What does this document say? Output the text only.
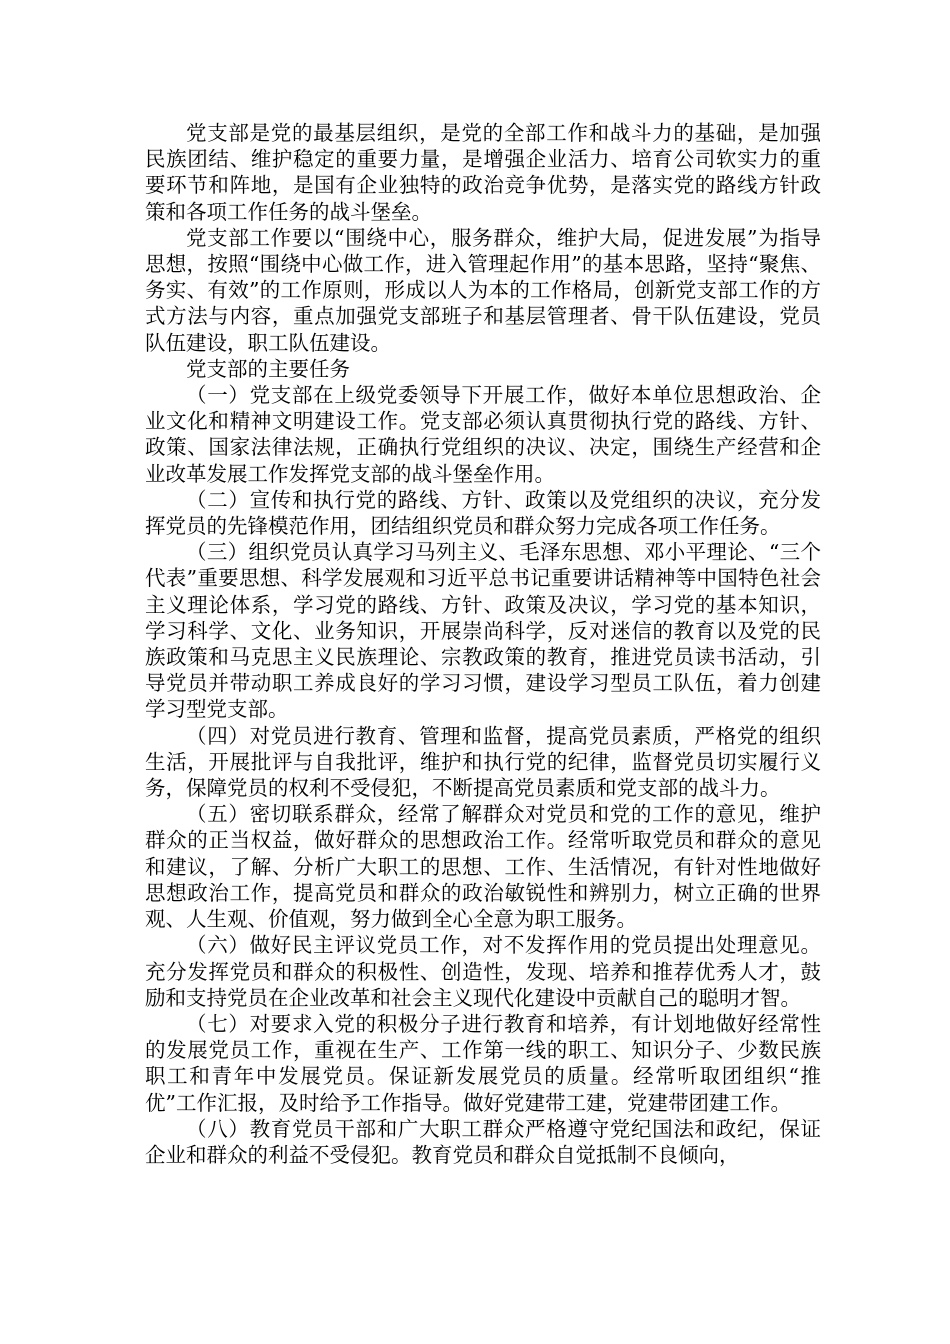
党支部是党的最基层组织，是党的全部工作和战斗力的基础，是加强民族团结、维护稳定的重要力量，是增强企业活力、培育公司软实力的重要环节和阵地，是国有企业独特的政治竞争优势，是落实党的路线方针政策和各项工作任务的战斗堡垒。

党支部工作要以“围绕中心，服务群众，维护大局，促进发展”为指导思想，按照“围绕中心做工作，进入管理起作用”的基本思路，坚持“聚焦、务实、有效”的工作原则，形成以人为本的工作格局，创新党支部工作的方式方法与内容，重点加强党支部班子和基层管理者、骨干队伍建设，党员队伍建设，职工队伍建设。

党支部的主要任务

（一）党支部在上级党委领导下开展工作，做好本单位思想政治、企业文化和精神文明建设工作。党支部必须认真贯彻执行党的路线、方针、政策、国家法律法规，正确执行党组织的决议、决定，围绕生产经营和企业改革发展工作发挥党支部的战斗堡垒作用。

（二）宣传和执行党的路线、方针、政策以及党组织的决议，充分发挥党员的先锋模范作用，团结组织党员和群众努力完成各项工作任务。

（三）组织党员认真学习马列主义、毛泽东思想、邓小平理论、“三个代表”重要思想、科学发展观和习近平总书记重要讲话精神等中国特色社会主义理论体系，学习党的路线、方针、政策及决议，学习党的基本知识，学习科学、文化、业务知识，开展崇尚科学，反对迷信的教育以及党的民族政策和马克思主义民族理论、宗教政策的教育，推进党员读书活动，引导党员并带动职工养成良好的学习习惯，建设学习型员工队伍，着力创建学习型党支部。

（四）对党员进行教育、管理和监督，提高党员素质，严格党的组织生活，开展批评与自我批评，维护和执行党的纪律，监督党员切实履行义务，保障党员的权利不受侵犯，不断提高党员素质和党支部的战斗力。

（五）密切联系群众，经常了解群众对党员和党的工作的意见，维护群众的正当权益，做好群众的思想政治工作。经常听取党员和群众的意见和建议，了解、分析广大职工的思想、工作、生活情况，有针对性地做好思想政治工作，提高党员和群众的政治敏锐性和辨别力，树立正确的世界观、人生观、价值观，努力做到全心全意为职工服务。

（六）做好民主评议党员工作，对不发挥作用的党员提出处理意见。充分发挥党员和群众的积极性、创造性，发现、培养和推荐优秀人才，鼓励和支持党员在企业改革和社会主义现代化建设中贡献自己的聪明才智。

（七）对要求入党的积极分子进行教育和培养，有计划地做好经常性的发展党员工作，重视在生产、工作第一线的职工、知识分子、少数民族职工和青年中发展党员。保证新发展党员的质量。经常听取团组织“推优”工作汇报，及时给予工作指导。做好党建带工建，党建带团建工作。

（八）教育党员干部和广大职工群众严格遵守党纪国法和政纪，保证企业和群众的利益不受侵犯。教育党员和群众自觉抵制不良倾向，
